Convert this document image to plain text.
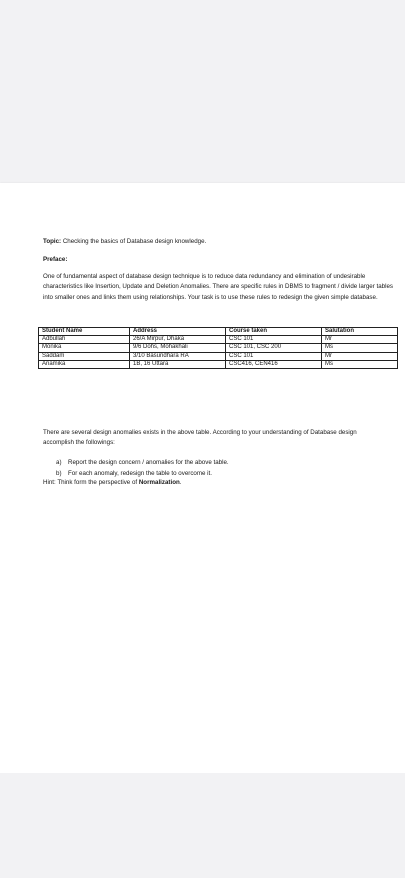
Topic: Checking the basics of Database design knowledge.
Preface:
One of fundamental aspect of database design technique is to reduce data redundancy and elimination of undesirable characteristics like Insertion, Update and Deletion Anomalies. There are specific rules in DBMS to fragment / divide larger tables into smaller ones and links them using relationships. Your task is to use these rules to redesign the given simple database.
Student Name	Address	Course taken	Salutation
Adbullah	26/A Mirpur, Dhaka	CSC 101	Mr
Monika	9/6 Dohs, Mohakhali	CSC 101, CSC 200	Ms
Saddam	3/10 Basundhara RA	CSC 101	Mr
Anamika	1B, 16 Uttara	CSC416, CEN416	Ms
There are several design anomalies exists in the above table. According to your understanding of Database design accomplish the followings:
a) Report the design concern / anomalies for the above table.
b) For each anomaly, redesign the table to overcome it.
Hint: Think form the perspective of Normalization.
